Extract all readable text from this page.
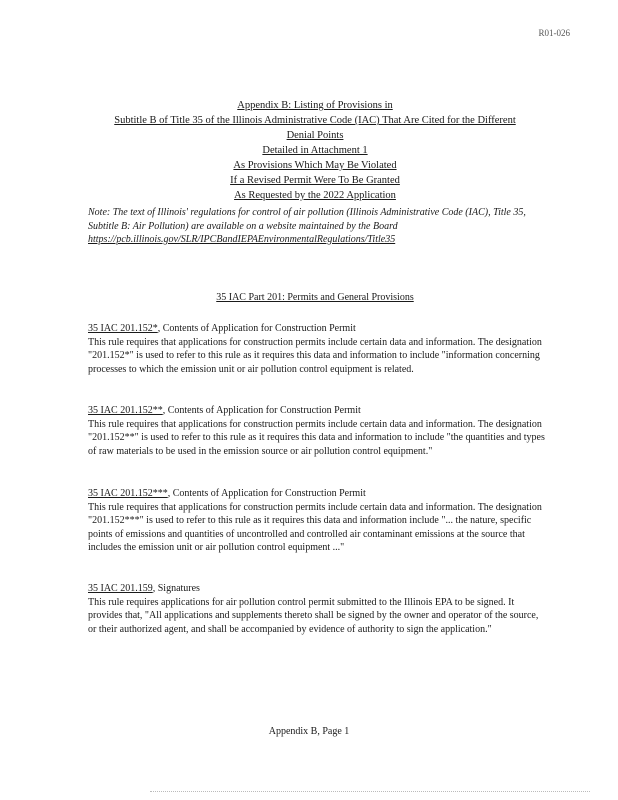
R01-026
Appendix B: Listing of Provisions in
Subtitle B of Title 35 of the Illinois Administrative Code (IAC) That Are Cited for the Different
Denial Points
Detailed in Attachment 1
As Provisions Which May Be Violated
If a Revised Permit Were To Be Granted
As Requested by the 2022 Application
Note: The text of Illinois' regulations for control of air pollution (Illinois Administrative Code (IAC), Title 35, Subtitle B: Air Pollution) are available on a website maintained by the Board https://pcb.illinois.gov/SLR/IPCBandIEPAEnvironmentalRegulations/Title35
35 IAC Part 201: Permits and General Provisions
35 IAC 201.152*, Contents of Application for Construction Permit
This rule requires that applications for construction permits include certain data and information. The designation "201.152*" is used to refer to this rule as it requires this data and information to include "information concerning processes to which the emission unit or air pollution control equipment is related.
35 IAC 201.152**, Contents of Application for Construction Permit
This rule requires that applications for construction permits include certain data and information. The designation "201.152**" is used to refer to this rule as it requires this data and information to include "the quantities and types of raw materials to be used in the emission source or air pollution control equipment."
35 IAC 201.152***, Contents of Application for Construction Permit
This rule requires that applications for construction permits include certain data and information. The designation "201.152***" is used to refer to this rule as it requires this data and information include "... the nature, specific points of emissions and quantities of uncontrolled and controlled air contaminant emissions at the source that includes the emission unit or air pollution control equipment ..."
35 IAC 201.159, Signatures
This rule requires applications for air pollution control permit submitted to the Illinois EPA to be signed. It provides that, "All applications and supplements thereto shall be signed by the owner and operator of the source, or their authorized agent, and shall be accompanied by evidence of authority to sign the application."
Appendix B, Page 1
